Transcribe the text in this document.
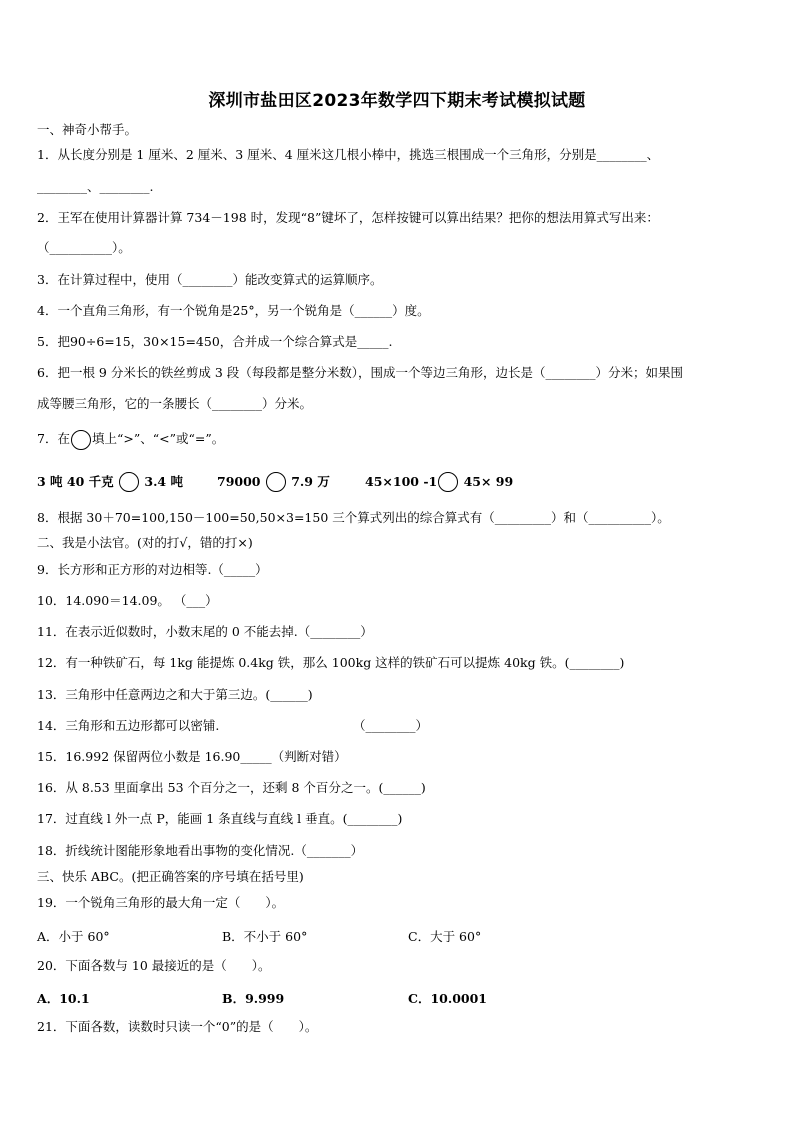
深圳市盐田区2023年数学四下期末考试模拟试题
一、神奇小帮手。
1．从长度分别是 1 厘米、2 厘米、3 厘米、4 厘米这几根小棒中，挑选三根围成一个三角形，分别是________、
________、________.
2．王军在使用计算器计算 734－198 时，发现“8”键坏了，怎样按键可以算出结果？把你的想法用算式写出来：
（__________）。
3．在计算过程中，使用（________）能改变算式的运算顺序。
4．一个直角三角形，有一个锐角是25°，另一个锐角是（______）度。
5．把90÷6=15，30×15=450，合并成一个综合算式是_____.
6．把一根 9 分米长的铁丝剪成 3 段（每段都是整分米数），围成一个等边三角形，边长是（________）分米；如果围
成等腰三角形，它的一条腰长（________）分米。
7．在 填上“>”、“<”或“=”。
3 吨 40 千克 3.4 吨	79000 7.9 万	45×100 -1 45× 99
8．根据 30＋70=100,150－100=50,50×3=150 三个算式列出的综合算式有（_________）和（__________）。
二、我是小法官。(对的打√，错的打×)
9．长方形和正方形的对边相等.（_____）
10．14.090＝14.09。 （___）
11．在表示近似数时，小数末尾的 0 不能去掉.（________）
12．有一种铁矿石，每 1kg 能提炼 0.4kg 铁，那么 100kg 这样的铁矿石可以提炼 40kg 铁。(________)
13．三角形中任意两边之和大于第三边。(______)
14．三角形和五边形都可以密铺.	（________）
15．16.992 保留两位小数是 16.90_____（判断对错）
16．从 8.53 里面拿出 53 个百分之一，还剩 8 个百分之一。(______)
17．过直线 l 外一点 P，能画 1 条直线与直线 l 垂直。(________)
18．折线统计图能形象地看出事物的变化情况.（_______）
三、快乐 ABC。(把正确答案的序号填在括号里)
19．一个锐角三角形的最大角一定（　　）。
A．小于 60°	B．不小于 60°	C．大于 60°
20．下面各数与 10 最接近的是（　　）。
A．10.1	B．9.999	C．10.0001
21．下面各数，读数时只读一个“0”的是（　　）。
